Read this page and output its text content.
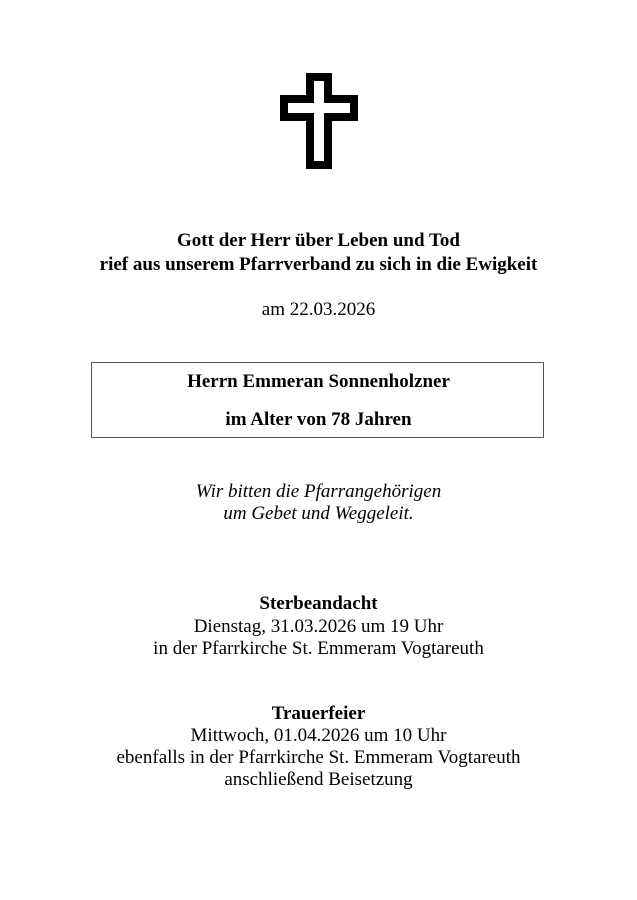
Gott der Herr über Leben und Tod
rief aus unserem Pfarrverband zu sich in die Ewigkeit
am 22.03.2026
Herrn Emmeran Sonnenholzner
im Alter von 78 Jahren
Wir bitten die Pfarrangehörigen
um Gebet und Weggeleit.
Sterbeandacht
Dienstag, 31.03.2026 um 19 Uhr
in der Pfarrkirche St. Emmeram Vogtareuth
Trauerfeier
Mittwoch, 01.04.2026 um 10 Uhr
ebenfalls in der Pfarrkirche St. Emmeram Vogtareuth
anschließend Beisetzung
